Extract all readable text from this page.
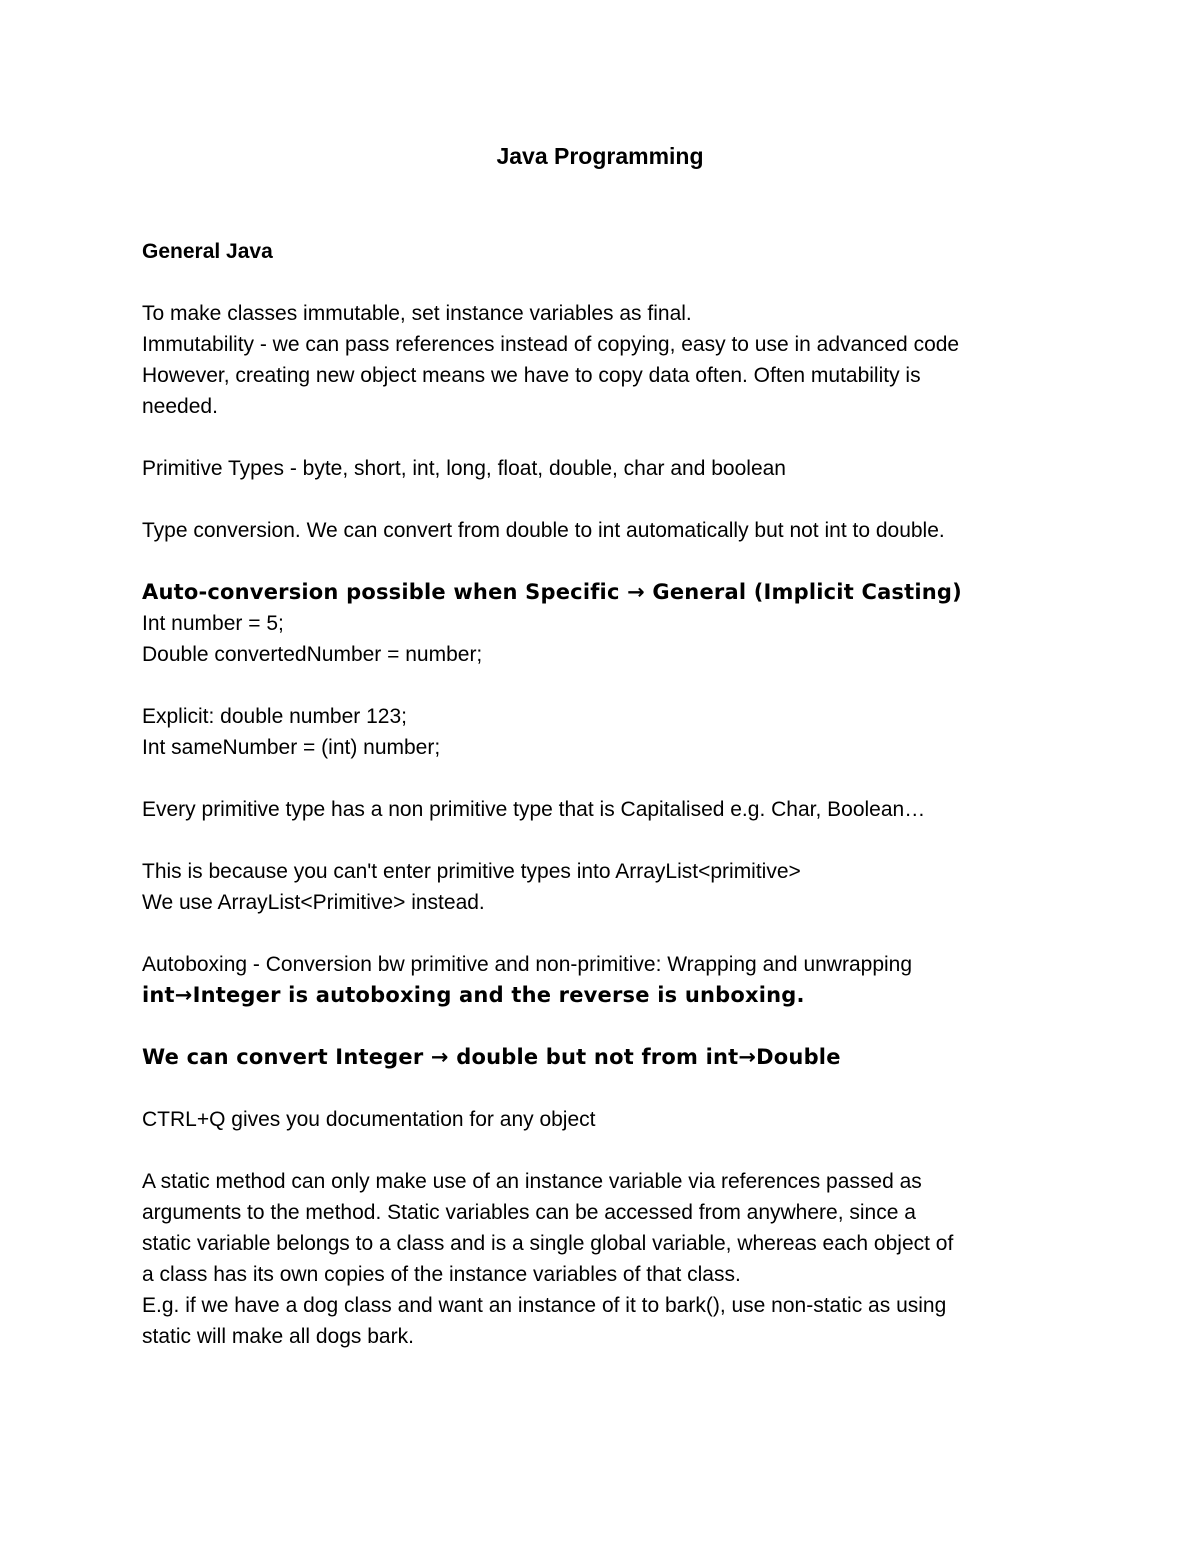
Java Programming

General Java

To make classes immutable, set instance variables as final.

Immutability - we can pass references instead of copying, easy to use in advanced code

However, creating new object means we have to copy data often. Often mutability is

needed.

Primitive Types - byte, short, int, long, float, double, char and boolean

Type conversion. We can convert from double to int automatically but not int to double.

Auto-conversion possible when Specific → General (Implicit Casting)

Int number = 5;

Double convertedNumber = number;

Explicit: double number 123;

Int sameNumber = (int) number;

Every primitive type has a non primitive type that is Capitalised e.g. Char, Boolean…

This is because you can't enter primitive types into ArrayList<primitive>

We use ArrayList<Primitive> instead.

Autoboxing - Conversion bw primitive and non-primitive: Wrapping and unwrapping

int→Integer is autoboxing and the reverse is unboxing.

We can convert Integer → double but not from int→Double

CTRL+Q gives you documentation for any object

A static method can only make use of an instance variable via references passed as

arguments to the method. Static variables can be accessed from anywhere, since a

static variable belongs to a class and is a single global variable, whereas each object of

a class has its own copies of the instance variables of that class.

E.g. if we have a dog class and want an instance of it to bark(), use non-static as using

static will make all dogs bark.
